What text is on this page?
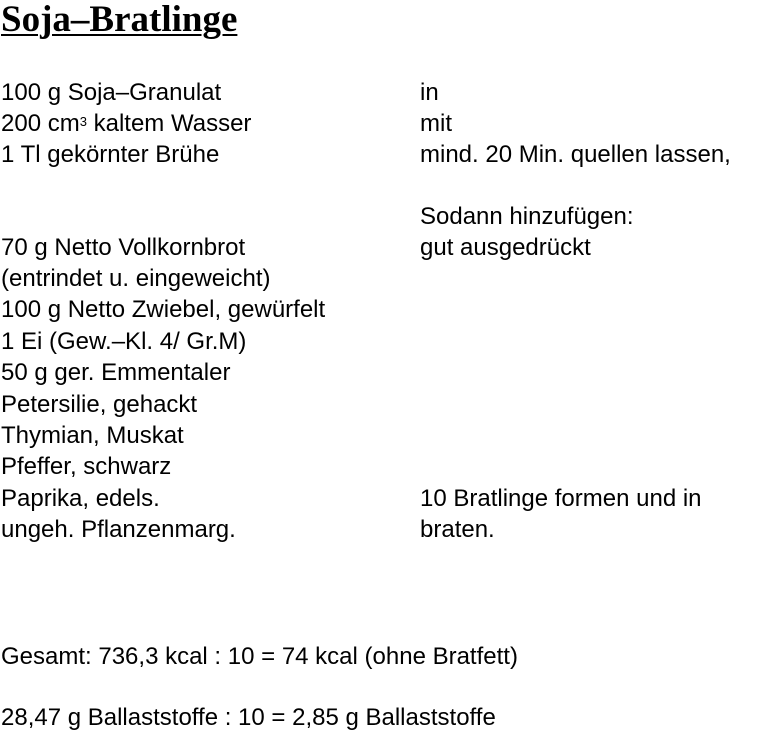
Soja–Bratlinge
100 g Soja–Granulat
200 $cm^3$ kaltem Wasser
1 Tl gekörnter Brühe
70 g Netto Vollkornbrot
(entrindet u. eingeweicht)
100 g Netto Zwiebel, gewürfelt
1 Ei (Gew.–Kl. 4/ Gr.M)
50 g ger. Emmentaler
Petersilie, gehackt
Thymian, Muskat
Pfeffer, schwarz
Paprika, edels.
ungeh. Pflanzenmarg.
in
mit
mind. 20 Min. quellen lassen,
Sodann hinzufügen:
gut ausgedrückt
10 Bratlinge formen und in
braten.
Gesamt: 736,3 kcal : 10 = 74 kcal (ohne Bratfett)
28,47 g Ballaststoffe : 10 = 2,85 g Ballaststoffe
